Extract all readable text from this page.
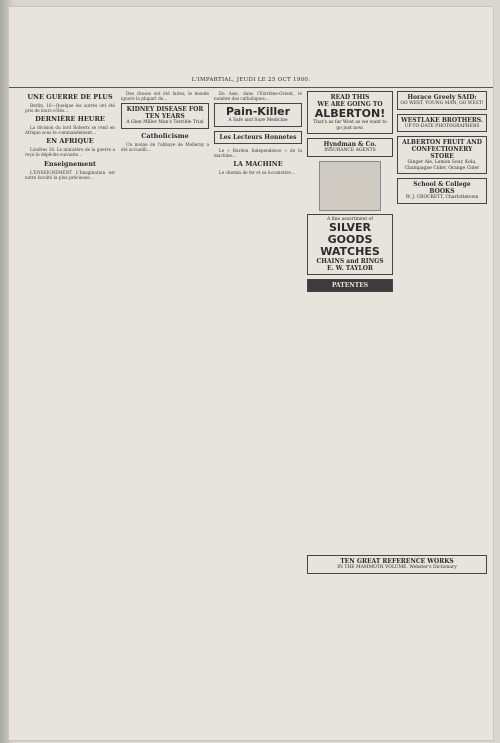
L'IMPARTIAL, JEUDI LE 25 OCT 1900.
UNE GUERRE DE PLUS

Berlin, 16—Quelque les autres ont été pris de leurs côtés…

DERNIÈRE HEURE

La division du lord Roberts se rend en Afrique sous le commandement…

EN AFRIQUE

Londres 16. Le ministère de la guerre a reçu le dépêche suivante…

Enseignement

L'ENSEIGNEMENT L'Imagination est notre faculté la plus précieuse…

Des choses ont été faites; le monde ignore la plupart de…

KIDNEY DISEASE FOR TEN YEARS
A Glen Miller Man's Terrible Trial
Catholicisme

Un moine de l'abbaye de Melleray a été accueilli…

En Asie, dans l'Extrême-Orient, le nombre des catholiques…

Pain-Killer
A Safe and Sure Medicine
Les Lecteurs Honnetes

Le « Burden Independence » de la machine…

LA MACHINE

Le chemin de fer et sa locomotive…

READ THIS
WE ARE GOING TO
ALBERTON!
That's as far West as we want to go just now.
Hyndman & Co.
INSURANCE AGENTS
A fine assortment of
SILVER GOODS WATCHES
CHAINS and RINGS
E. W. TAYLOR
PATENTES
Horace Greely SAID:
GO WEST, YOUNG MAN, GO WEST!
WESTLAKE BROTHERS.
UP-TO-DATE PHOTOGRAPHERS
ALBERTON FRUIT AND CONFECTIONERY STORE
Ginger Ale, Lemon Sour, Kola, Champagne Cider, Orange Cider
School & College BOOKS
W. J. CROCKETT, Charlottetown
TEN GREAT REFERENCE WORKS
IN THE MAMMOTH VOLUME. Webster's Dictionary
